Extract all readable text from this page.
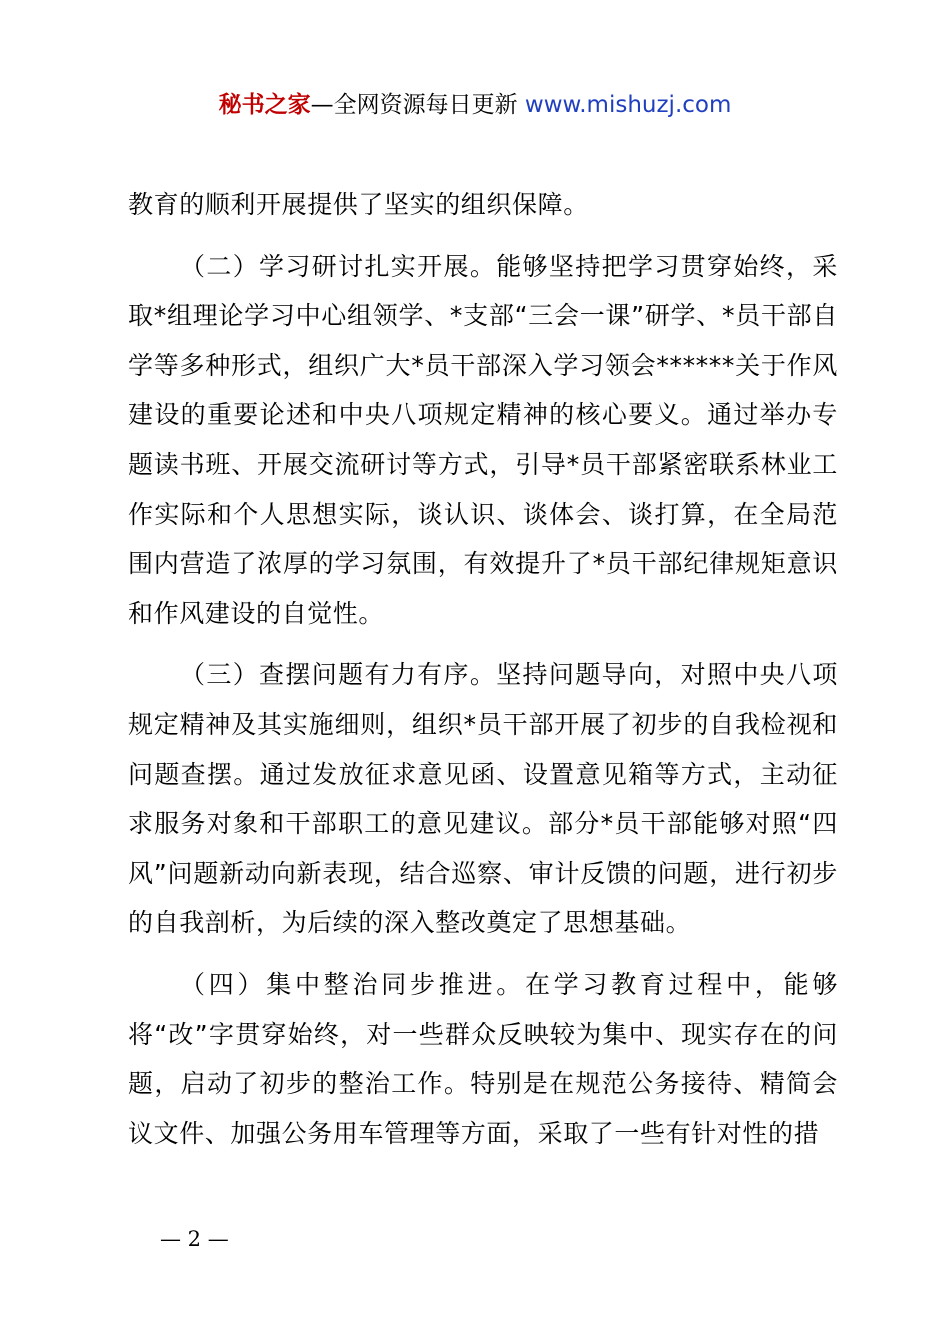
秘书之家—全网资源每日更新 www.mishuzj.com

教育的顺利开展提供了坚实的组织保障。

（二）学习研讨扎实开展。能够坚持把学习贯穿始终，采取*组理论学习中心组领学、*支部“三会一课”研学、*员干部自学等多种形式，组织广大*员干部深入学习领会******关于作风建设的重要论述和中央八项规定精神的核心要义。通过举办专题读书班、开展交流研讨等方式，引导*员干部紧密联系林业工作实际和个人思想实际，谈认识、谈体会、谈打算，在全局范围内营造了浓厚的学习氛围，有效提升了*员干部纪律规矩意识和作风建设的自觉性。

（三）查摆问题有力有序。坚持问题导向，对照中央八项规定精神及其实施细则，组织*员干部开展了初步的自我检视和问题查摆。通过发放征求意见函、设置意见箱等方式，主动征求服务对象和干部职工的意见建议。部分*员干部能够对照“四风”问题新动向新表现，结合巡察、审计反馈的问题，进行初步的自我剖析，为后续的深入整改奠定了思想基础。

（四）集中整治同步推进。在学习教育过程中，能够将“改”字贯穿始终，对一些群众反映较为集中、现实存在的问题，启动了初步的整治工作。特别是在规范公务接待、精简会议文件、加强公务用车管理等方面，采取了一些有针对性的措

— 2 —
